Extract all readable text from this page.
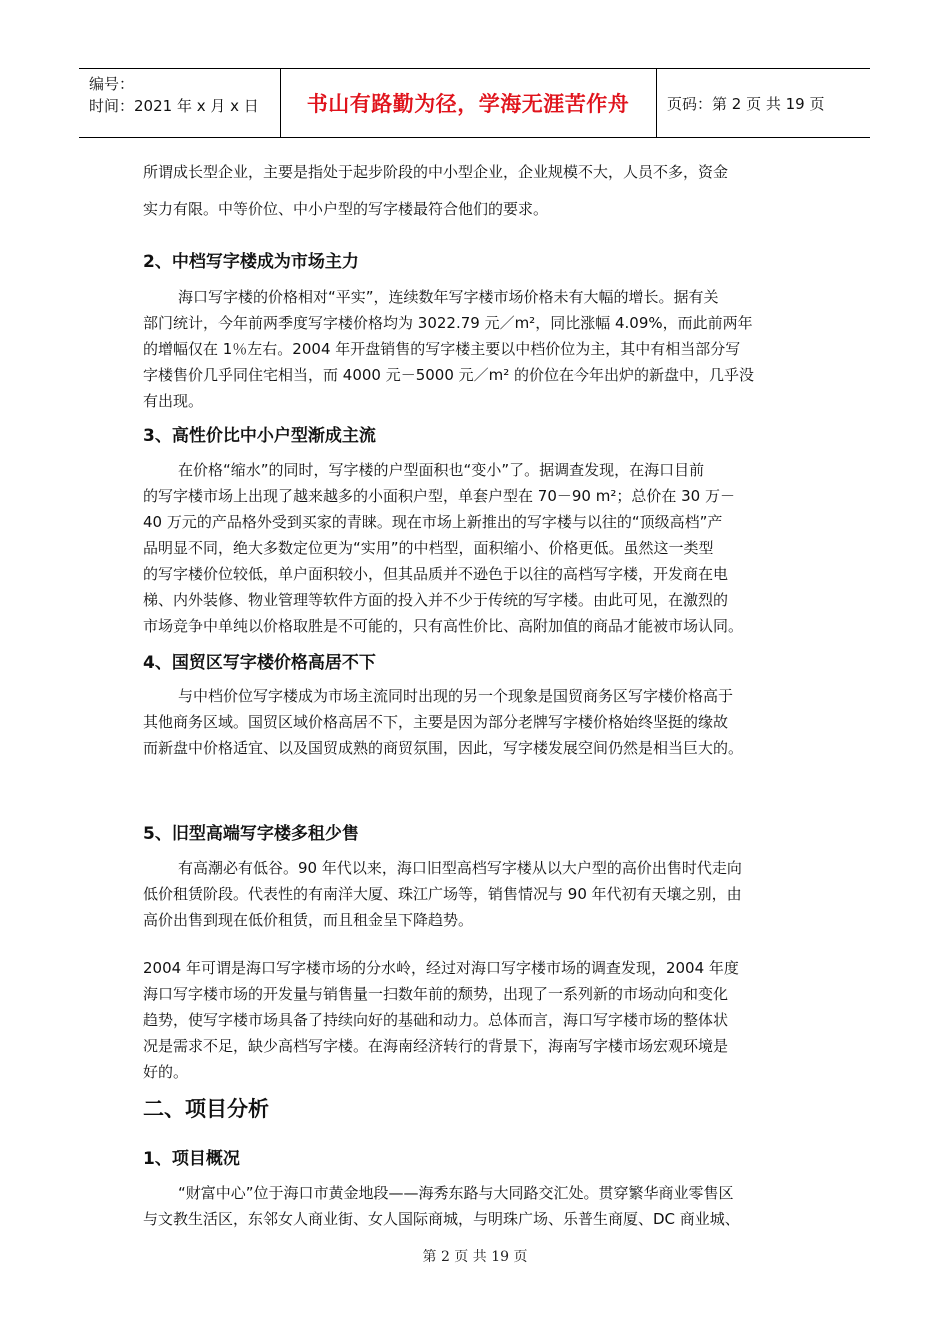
编号：
时间：2021 年 x 月 x 日	书山有路勤为径，学海无涯苦作舟	页码：第 2 页 共 19 页
所谓成长型企业，主要是指处于起步阶段的中小型企业，企业规模不大，人员不多，资金
实力有限。中等价位、中小户型的写字楼最符合他们的要求。
2、中档写字楼成为市场主力
海口写字楼的价格相对“平实”，连续数年写字楼市场价格未有大幅的增长。据有关
部门统计，今年前两季度写字楼价格均为 3022.79 元／m²，同比涨幅 4.09%，而此前两年
的增幅仅在 1％左右。2004 年开盘销售的写字楼主要以中档价位为主，其中有相当部分写
字楼售价几乎同住宅相当，而 4000 元－5000 元／m² 的价位在今年出炉的新盘中，几乎没
有出现。
3、高性价比中小户型渐成主流
在价格“缩水”的同时，写字楼的户型面积也“变小”了。据调查发现，在海口目前
的写字楼市场上出现了越来越多的小面积户型，单套户型在 70－90 m²；总价在 30 万－
40 万元的产品格外受到买家的青睐。现在市场上新推出的写字楼与以往的“顶级高档”产
品明显不同，绝大多数定位更为“实用”的中档型，面积缩小、价格更低。虽然这一类型
的写字楼价位较低，单户面积较小，但其品质并不逊色于以往的高档写字楼，开发商在电
梯、内外装修、物业管理等软件方面的投入并不少于传统的写字楼。由此可见，在激烈的
市场竞争中单纯以价格取胜是不可能的，只有高性价比、高附加值的商品才能被市场认同。
4、国贸区写字楼价格高居不下
与中档价位写字楼成为市场主流同时出现的另一个现象是国贸商务区写字楼价格高于
其他商务区域。国贸区域价格高居不下，主要是因为部分老牌写字楼价格始终坚挺的缘故
而新盘中价格适宜、以及国贸成熟的商贸氛围，因此，写字楼发展空间仍然是相当巨大的。
5、旧型高端写字楼多租少售
有高潮必有低谷。90 年代以来，海口旧型高档写字楼从以大户型的高价出售时代走向
低价租赁阶段。代表性的有南洋大厦、珠江广场等，销售情况与 90 年代初有天壤之别，由
高价出售到现在低价租赁，而且租金呈下降趋势。
2004 年可谓是海口写字楼市场的分水岭，经过对海口写字楼市场的调查发现，2004 年度
海口写字楼市场的开发量与销售量一扫数年前的颓势，出现了一系列新的市场动向和变化
趋势，使写字楼市场具备了持续向好的基础和动力。总体而言，海口写字楼市场的整体状
况是需求不足，缺少高档写字楼。在海南经济转行的背景下，海南写字楼市场宏观环境是
好的。
二、项目分析
1、项目概况
“财富中心”位于海口市黄金地段——海秀东路与大同路交汇处。贯穿繁华商业零售区
与文教生活区，东邻女人商业街、女人国际商城，与明珠广场、乐普生商厦、DC 商业城、
第 2 页 共 19 页
